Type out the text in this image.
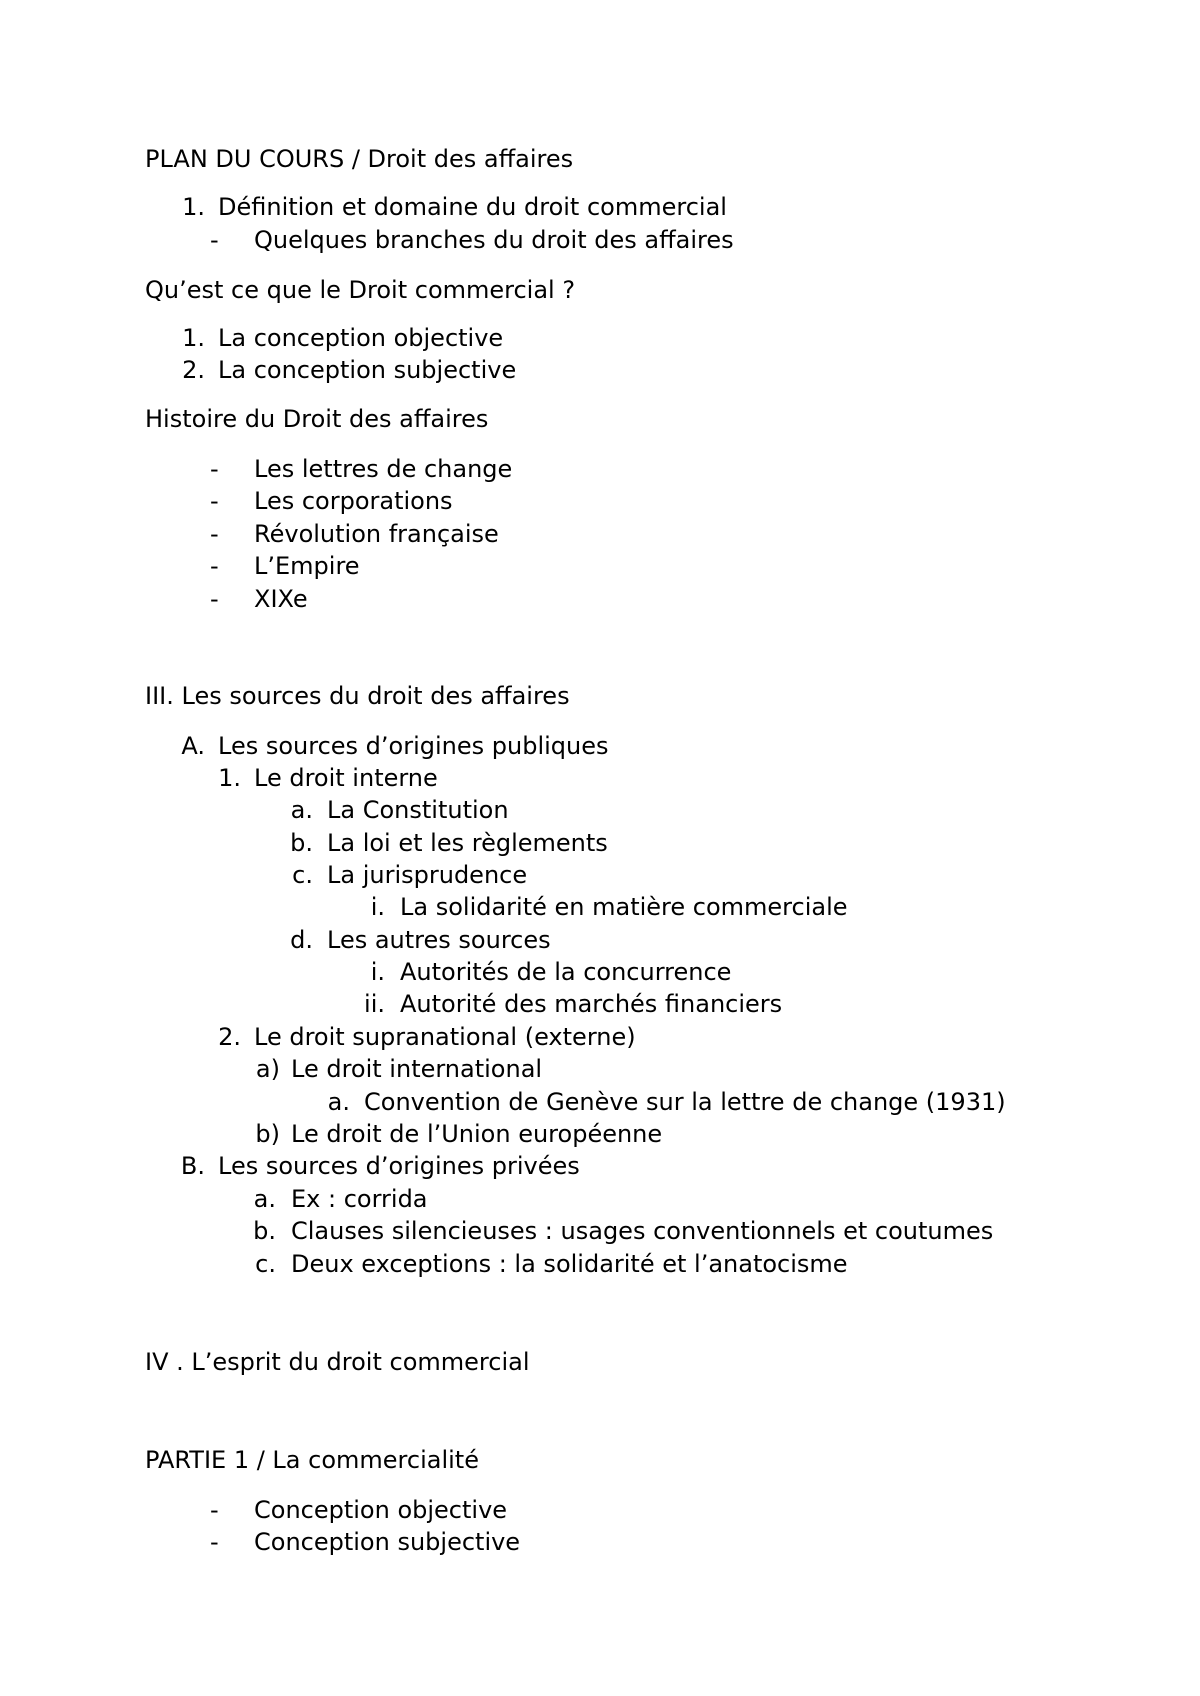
PLAN DU COURS / Droit des affaires
1. Définition et domaine du droit commercial
-	Quelques branches du droit des affaires
Qu’est ce que le Droit commercial ?
1. La conception objective
2. La conception subjective
Histoire du Droit des affaires
-	Les lettres de change
-	Les corporations
-	Révolution française
-	L’Empire
-	XIXe
III. Les sources du droit des affaires
A. Les sources d’origines publiques
1. Le droit interne
a. La Constitution
b. La loi et les règlements
c. La jurisprudence
i. La solidarité en matière commerciale
d. Les autres sources
i. Autorités de la concurrence
ii. Autorité des marchés financiers
2. Le droit supranational (externe)
a) Le droit international
a. Convention de Genève sur la lettre de change (1931)
b) Le droit de l’Union européenne
B. Les sources d’origines privées
a. Ex : corrida
b. Clauses silencieuses : usages conventionnels et coutumes
c. Deux exceptions : la solidarité et l’anatocisme
IV . L’esprit du droit commercial
PARTIE 1 / La commercialité
-	Conception objective
-	Conception subjective
